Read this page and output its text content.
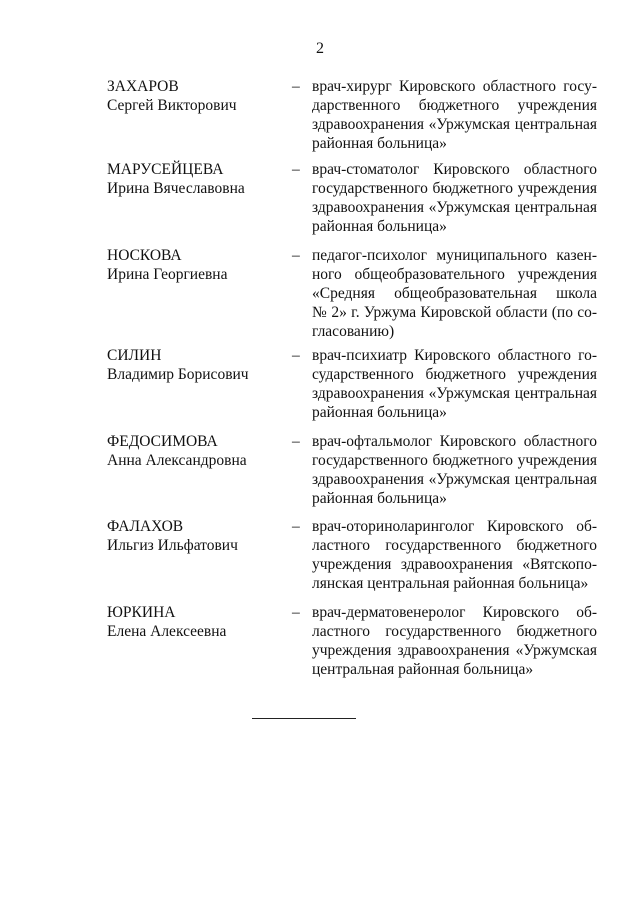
2
ЗАХАРОВ
Сергей Викторович
– врач-хирург Кировского областного госу-
дарственного бюджетного учреждения
здравоохранения «Уржумская центральная
районная больница»
МАРУСЕЙЦЕВА
Ирина Вячеславовна
– врач-стоматолог Кировского областного
государственного бюджетного учреждения
здравоохранения «Уржумская центральная
районная больница»
НОСКОВА
Ирина Георгиевна
– педагог-психолог муниципального казен-
ного общеобразовательного учреждения
«Средняя общеобразовательная школа
№ 2» г. Уржума Кировской области (по со-
гласованию)
СИЛИН
Владимир Борисович
– врач-психиатр Кировского областного го-
сударственного бюджетного учреждения
здравоохранения «Уржумская центральная
районная больница»
ФЕДОСИМОВА
Анна Александровна
– врач-офтальмолог Кировского областного
государственного бюджетного учреждения
здравоохранения «Уржумская центральная
районная больница»
ФАЛАХОВ
Ильгиз Ильфатович
– врач-оториноларинголог Кировского об-
ластного государственного бюджетного
учреждения здравоохранения «Вятскопо-
лянская центральная районная больница»
ЮРКИНА
Елена Алексеевна
– врач-дерматовенеролог Кировского об-
ластного государственного бюджетного
учреждения здравоохранения «Уржумская
центральная районная больница»
